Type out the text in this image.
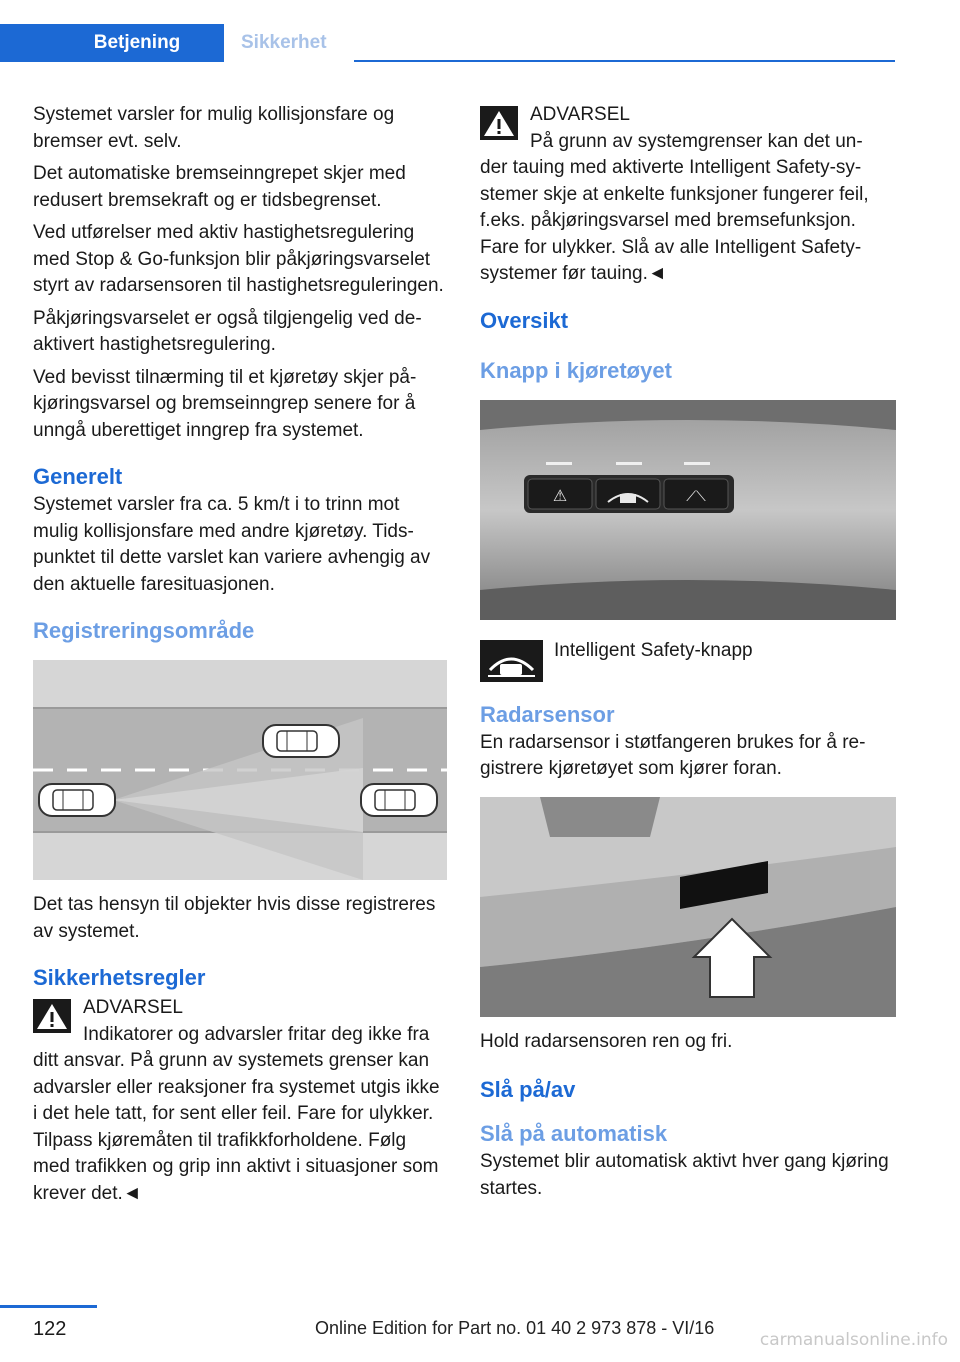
Betjening	Sikkerhet

Systemet varsler for mulig kollisjonsfare og bremser evt. selv.

Det automatiske bremseinngrepet skjer med redusert bremsekraft og er tidsbegrenset.

Ved utførelser med aktiv hastighetsregulering med Stop & Go-funksjon blir påkjøringsvarselet styrt av radarsensoren til hastighetsreguleringen.

Påkjøringsvarselet er også tilgjengelig ved deaktivert hastighetsregulering.

Ved bevisst tilnærming til et kjøretøy skjer påkjøringsvarsel og bremseinngrep senere for å unngå uberettiget inngrep fra systemet.

Generelt

Systemet varsler fra ca. 5 km/t i to trinn mot mulig kollisjonsfare med andre kjøretøy. Tidspunktet til dette varslet kan variere avhengig av den aktuelle faresituasjonen.

Registreringsområde

Det tas hensyn til objekter hvis disse registreres av systemet.

Sikkerhetsregler
ADVARSEL
Indikatorer og advarsler fritar deg ikke fra
ditt ansvar. På grunn av systemets grenser kan advarsler eller reaksjoner fra systemet utgis ikke i det hele tatt, for sent eller feil. Fare for ulykker. Tilpass kjøremåten til trafikkforholdene. Følg med trafikken og grip inn aktivt i situasjoner som krever det.◄
ADVARSEL
På grunn av systemgrenser kan det un-
der tauing med aktiverte Intelligent Safety-systemer skje at enkelte funksjoner fungerer feil, f.eks. påkjøringsvarsel med bremsefunksjon. Fare for ulykker. Slå av alle Intelligent Safety-systemer før tauing.◄
Oversikt
Knapp i kjøretøyet
⚠	⟋⟍
Intelligent Safety-knapp
Radarsensor

En radarsensor i støtfangeren brukes for å registrere kjøretøyet som kjører foran.

Hold radarsensoren ren og fri.

Slå på/av
Slå på automatisk

Systemet blir automatisk aktivt hver gang kjøring startes.

122	Online Edition for Part no. 01 40 2 973 878 - VI/16
carmanualsonline.info
